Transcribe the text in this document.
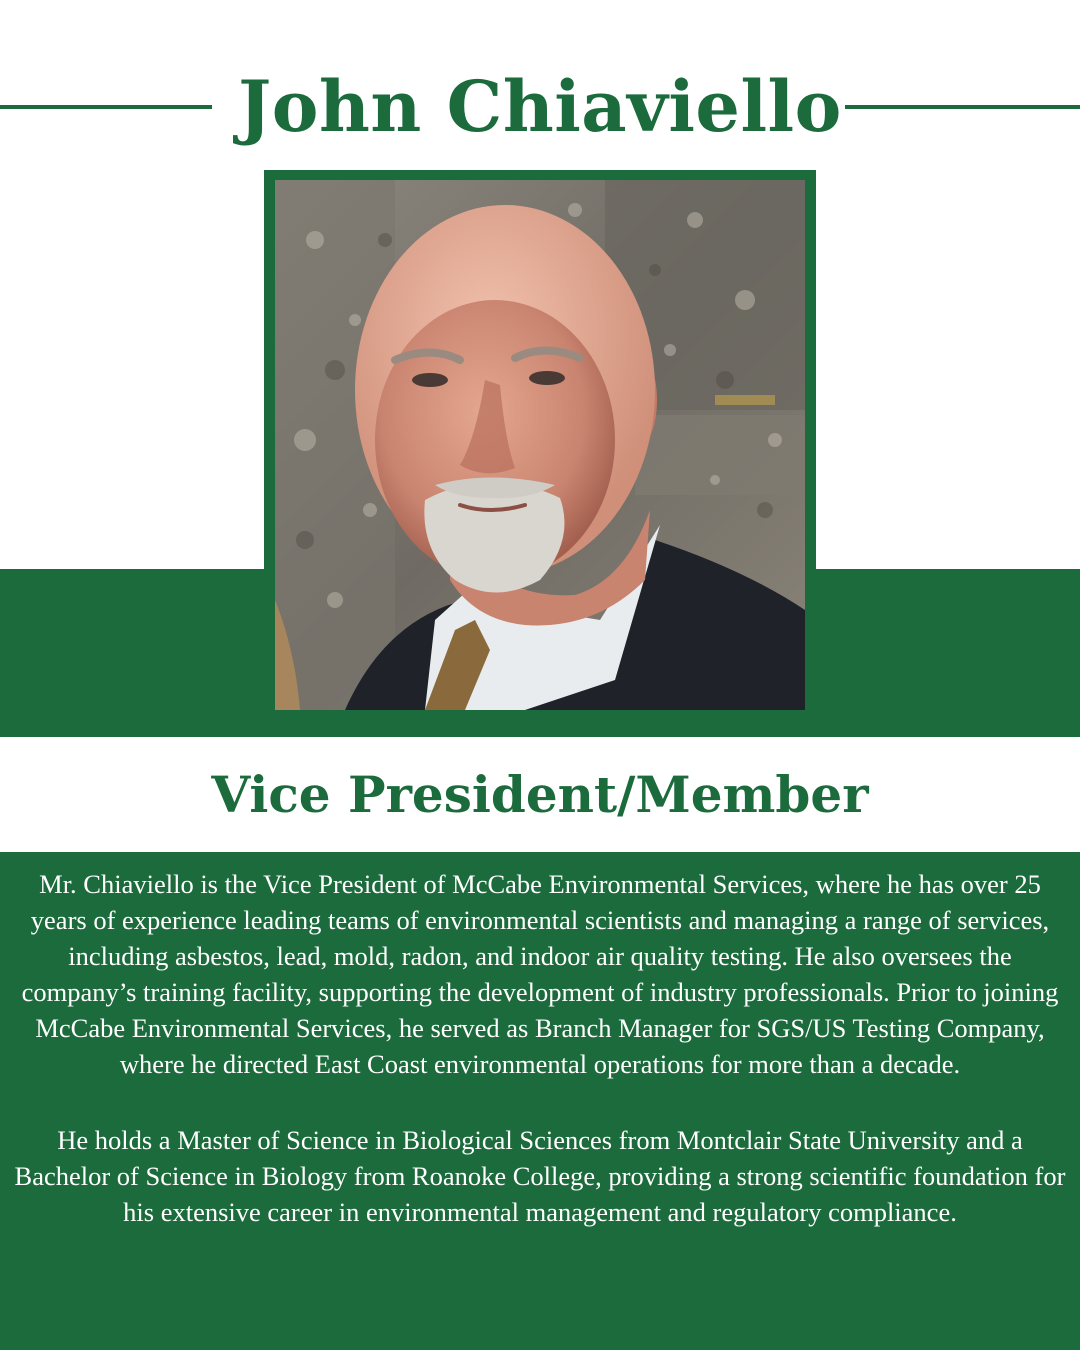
John Chiaviello
Vice President/Member

Mr. Chiaviello is the Vice President of McCabe Environmental Services, where he has over 25 years of experience leading teams of environmental scientists and managing a range of services, including asbestos, lead, mold, radon, and indoor air quality testing. He also oversees the company’s training facility, supporting the development of industry professionals. Prior to joining McCabe Environmental Services, he served as Branch Manager for SGS/US Testing Company, where he directed East Coast environmental operations for more than a decade.

He holds a Master of Science in Biological Sciences from Montclair State University and a Bachelor of Science in Biology from Roanoke College, providing a strong scientific foundation for his extensive career in environmental management and regulatory compliance.
